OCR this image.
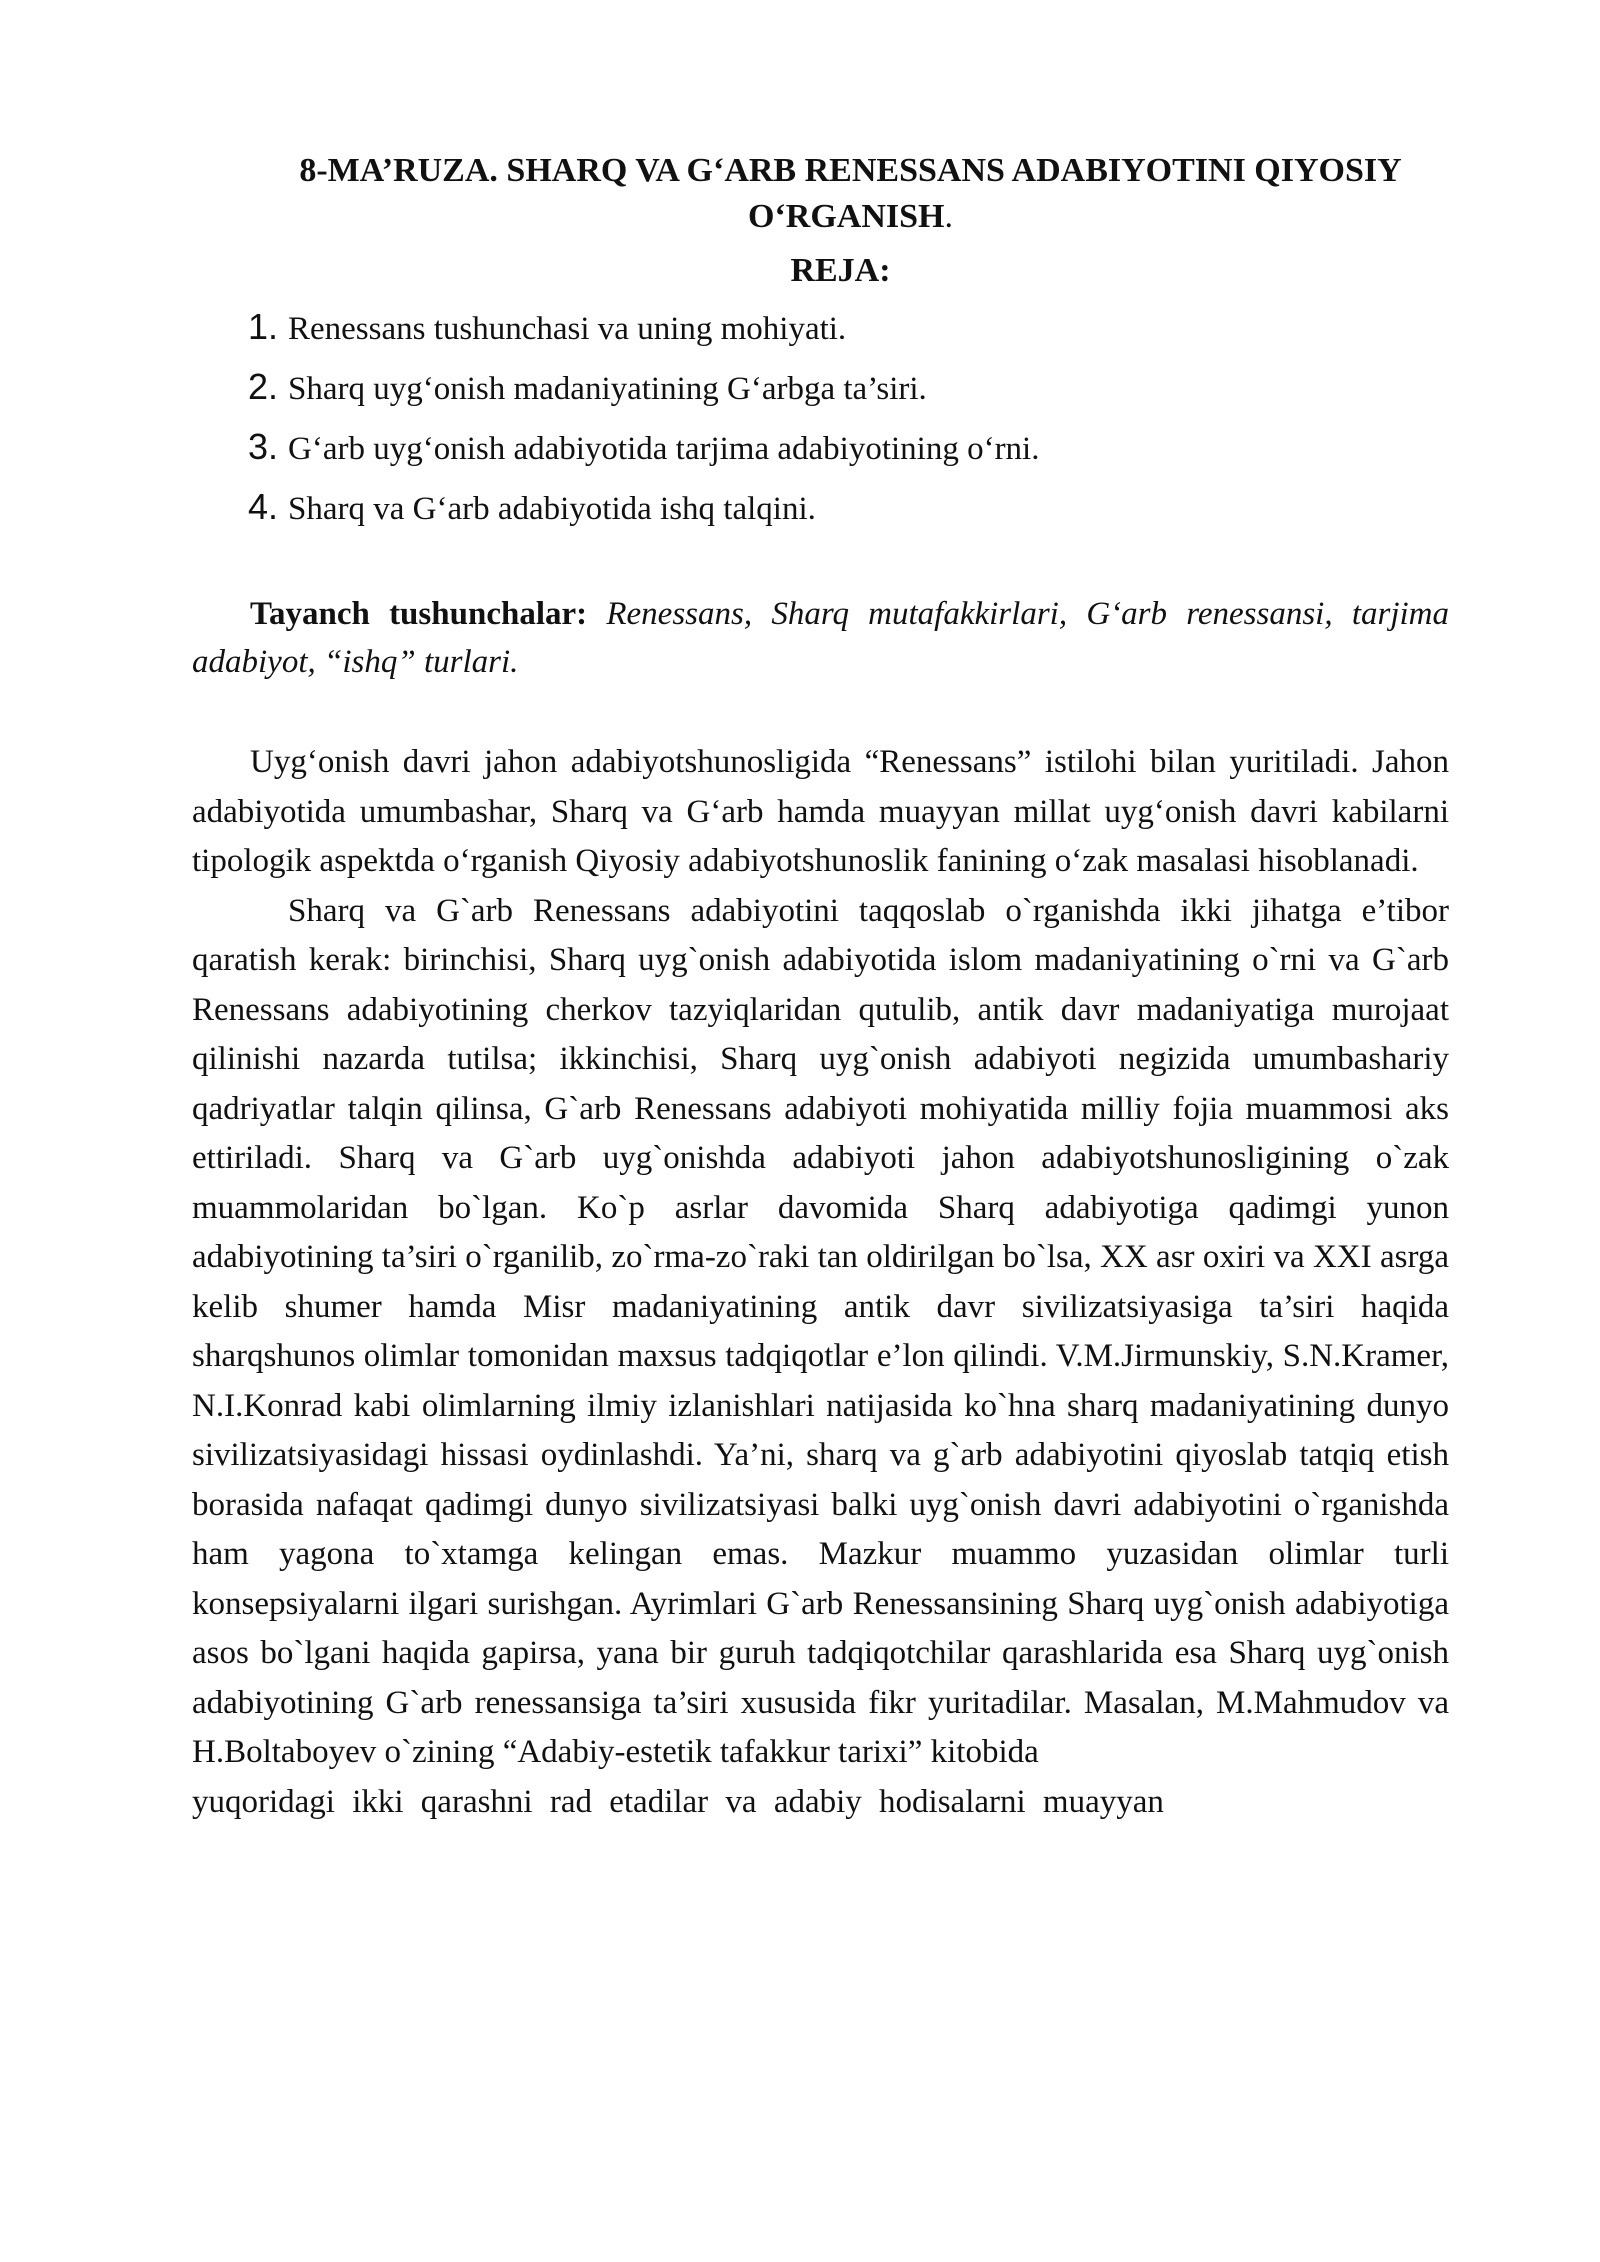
8-MA’RUZA. SHARQ VA G‘ARB RENESSANS ADABIYOTINI QIYOSIY
O‘RGANISH.
REJA:
1. Renessans tushunchasi va uning mohiyati.
2. Sharq uyg‘onish madaniyatining G‘arbga ta’siri.
3. G‘arb uyg‘onish adabiyotida tarjima adabiyotining o‘rni.
4. Sharq va G‘arb adabiyotida ishq talqini.

Tayanch tushunchalar: Renessans, Sharq mutafakkirlari, G‘arb renessansi, tarjima adabiyot, “ishq” turlari.

Uyg‘onish davri jahon adabiyotshunosligida “Renessans” istilohi bilan yuritiladi. Jahon adabiyotida umumbashar, Sharq va G‘arb hamda muayyan millat uyg‘onish davri kabilarni tipologik aspektda o‘rganish Qiyosiy adabiyotshunoslik fanining o‘zak masalasi hisoblanadi.

Sharq va G`arb Renessans adabiyotini taqqoslab o`rganishda ikki jihatga e’tibor qaratish kerak: birinchisi, Sharq uyg`onish adabiyotida islom madaniyatining o`rni va G`arb Renessans adabiyotining cherkov tazyiqlaridan qutulib, antik davr madaniyatiga murojaat qilinishi nazarda tutilsa; ikkinchisi, Sharq uyg`onish adabiyoti negizida umumbashariy qadriyatlar talqin qilinsa, G`arb Renessans adabiyoti mohiyatida milliy fojia muammosi aks ettiriladi. Sharq va G`arb uyg`onishda adabiyoti jahon adabiyotshunosligining o`zak muammolaridan bo`lgan. Ko`p asrlar davomida Sharq adabiyotiga qadimgi yunon adabiyotining ta’siri o`rganilib, zo`rma-zo`raki tan oldirilgan bo`lsa, XX asr oxiri va XXI asrga kelib shumer hamda Misr madaniyatining antik davr sivilizatsiyasiga ta’siri haqida sharqshunos olimlar tomonidan maxsus tadqiqotlar e’lon qilindi. V.M.Jirmunskiy, S.N.Kramer, N.I.Konrad kabi olimlarning ilmiy izlanishlari natijasida ko`hna sharq madaniyatining dunyo sivilizatsiyasidagi hissasi oydinlashdi. Ya’ni, sharq va g`arb adabiyotini qiyoslab tatqiq etish borasida nafaqat qadimgi dunyo sivilizatsiyasi balki uyg`onish davri adabiyotini o`rganishda ham yagona to`xtamga kelingan emas. Mazkur muammo yuzasidan olimlar turli konsepsiyalarni ilgari surishgan. Ayrimlari G`arb Renessansining Sharq uyg`onish adabiyotiga asos bo`lgani haqida gapirsa, yana bir guruh tadqiqotchilar qarashlarida esa Sharq uyg`onish adabiyotining G`arb renessansiga ta’siri xususida fikr yuritadilar. Masalan, M.Mahmudov va H.Boltaboyev o`zining “Adabiy-estetik tafakkur tarixi” kitobida

yuqoridagi ikki qarashni rad etadilar va adabiy hodisalarni muayyan
